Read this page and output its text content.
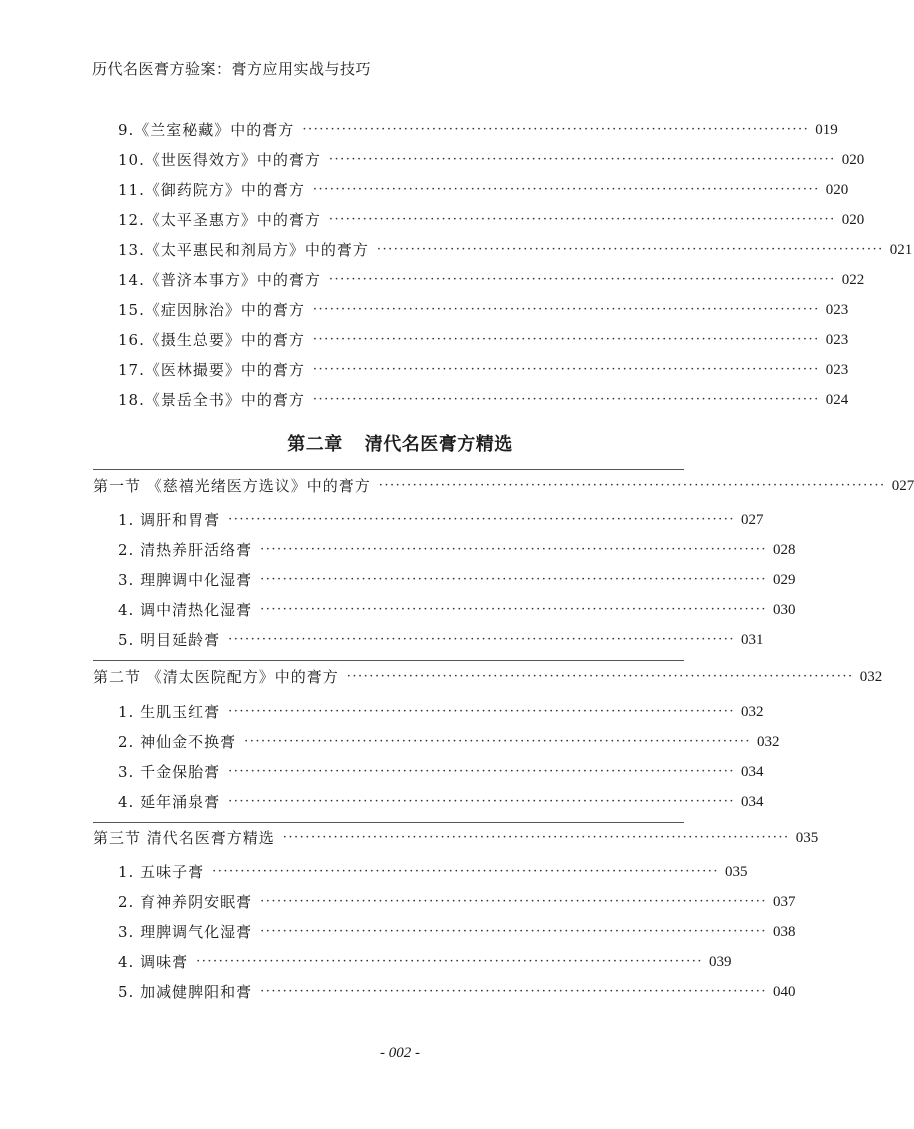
历代名医膏方验案：膏方应用实战与技巧
9.《兰室秘藏》中的膏方 ·························································································· 019
10.《世医得效方》中的膏方 ·························································································· 020
11.《御药院方》中的膏方 ·························································································· 020
12.《太平圣惠方》中的膏方 ·························································································· 020
13.《太平惠民和剂局方》中的膏方 ·························································································· 021
14.《普济本事方》中的膏方 ·························································································· 022
15.《症因脉治》中的膏方 ·························································································· 023
16.《摄生总要》中的膏方 ·························································································· 023
17.《医林撮要》中的膏方 ·························································································· 023
18.《景岳全书》中的膏方 ·························································································· 024
第二章 清代名医膏方精选
第一节 《慈禧光绪医方选议》中的膏方 ·························································································· 027
1. 调肝和胃膏 ·························································································· 027
2. 清热养肝活络膏 ·························································································· 028
3. 理脾调中化湿膏 ·························································································· 029
4. 调中清热化湿膏 ·························································································· 030
5. 明目延龄膏 ·························································································· 031
第二节 《清太医院配方》中的膏方 ·························································································· 032
1. 生肌玉红膏 ·························································································· 032
2. 神仙金不换膏 ·························································································· 032
3. 千金保胎膏 ·························································································· 034
4. 延年涌泉膏 ·························································································· 034
第三节 清代名医膏方精选 ·························································································· 035
1. 五味子膏 ·························································································· 035
2. 育神养阴安眠膏 ·························································································· 037
3. 理脾调气化湿膏 ·························································································· 038
4. 调味膏 ·························································································· 039
5. 加减健脾阳和膏 ·························································································· 040
- 002 -
